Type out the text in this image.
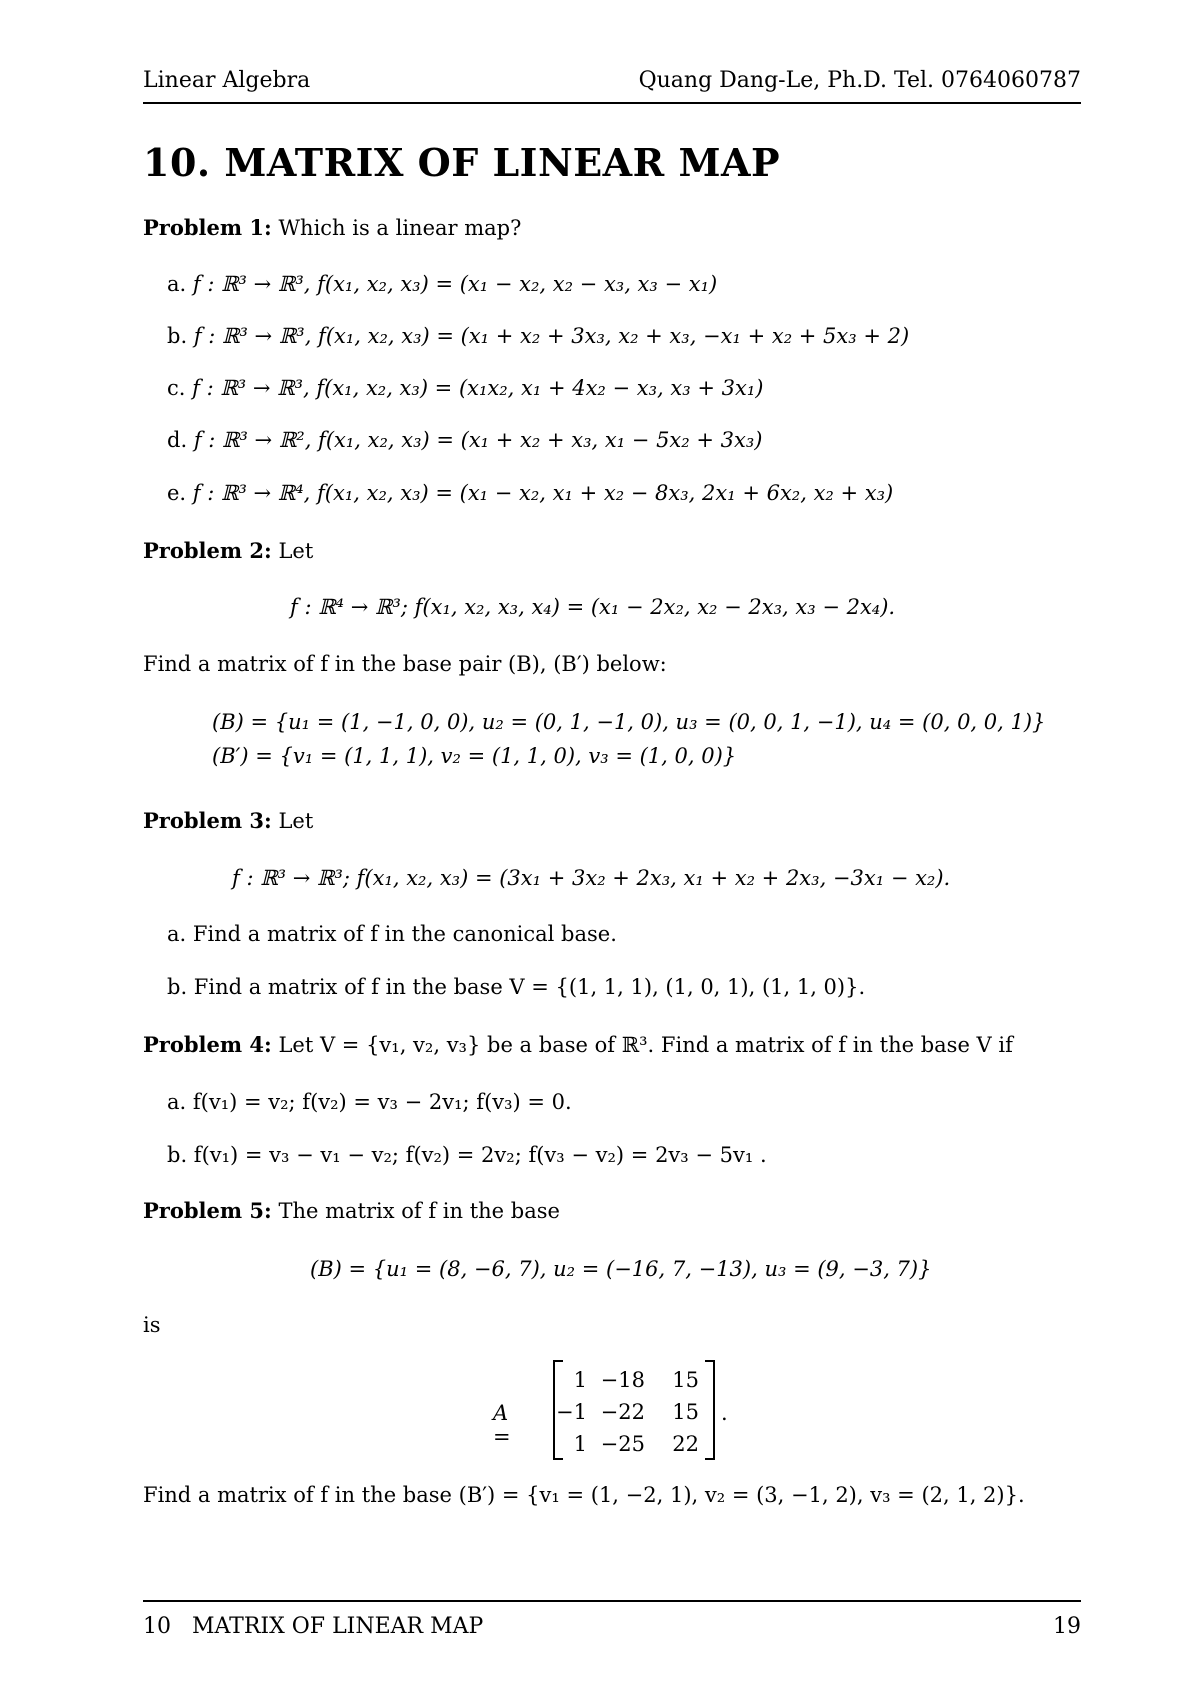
Linear Algebra	Quang Dang-Le, Ph.D. Tel. 0764060787
10. MATRIX OF LINEAR MAP
Problem 1: Which is a linear map?
a. f : ℝ³ → ℝ³, f(x₁, x₂, x₃) = (x₁ − x₂, x₂ − x₃, x₃ − x₁)
b. f : ℝ³ → ℝ³, f(x₁, x₂, x₃) = (x₁ + x₂ + 3x₃, x₂ + x₃, −x₁ + x₂ + 5x₃ + 2)
c. f : ℝ³ → ℝ³, f(x₁, x₂, x₃) = (x₁x₂, x₁ + 4x₂ − x₃, x₃ + 3x₁)
d. f : ℝ³ → ℝ², f(x₁, x₂, x₃) = (x₁ + x₂ + x₃, x₁ − 5x₂ + 3x₃)
e. f : ℝ³ → ℝ⁴, f(x₁, x₂, x₃) = (x₁ − x₂, x₁ + x₂ − 8x₃, 2x₁ + 6x₂, x₂ + x₃)
Problem 2: Let
f : ℝ⁴ → ℝ³; f(x₁, x₂, x₃, x₄) = (x₁ − 2x₂, x₂ − 2x₃, x₃ − 2x₄).
Find a matrix of f in the base pair (B), (B′) below:
(B) = {u₁ = (1, −1, 0, 0), u₂ = (0, 1, −1, 0), u₃ = (0, 0, 1, −1), u₄ = (0, 0, 0, 1)}
(B′) = {v₁ = (1, 1, 1), v₂ = (1, 1, 0), v₃ = (1, 0, 0)}
Problem 3: Let
f : ℝ³ → ℝ³; f(x₁, x₂, x₃) = (3x₁ + 3x₂ + 2x₃, x₁ + x₂ + 2x₃, −3x₁ − x₂).
a. Find a matrix of f in the canonical base.
b. Find a matrix of f in the base V = {(1, 1, 1), (1, 0, 1), (1, 1, 0)}.
Problem 4: Let V = {v₁, v₂, v₃} be a base of ℝ³. Find a matrix of f in the base V if
a. f(v₁) = v₂; f(v₂) = v₃ − 2v₁; f(v₃) = 0.
b. f(v₁) = v₃ − v₁ − v₂; f(v₂) = 2v₂; f(v₃ − v₂) = 2v₃ − 5v₁ .
Problem 5: The matrix of f in the base
(B) = {u₁ = (8, −6, 7), u₂ = (−16, 7, −13), u₃ = (9, −3, 7)}
is
A =
1 −18	15
−1 −22	15
1 −25	22
.
Find a matrix of f in the base (B′) = {v₁ = (1, −2, 1), v₂ = (3, −1, 2), v₃ = (2, 1, 2)}.
10   MATRIX OF LINEAR MAP	19
